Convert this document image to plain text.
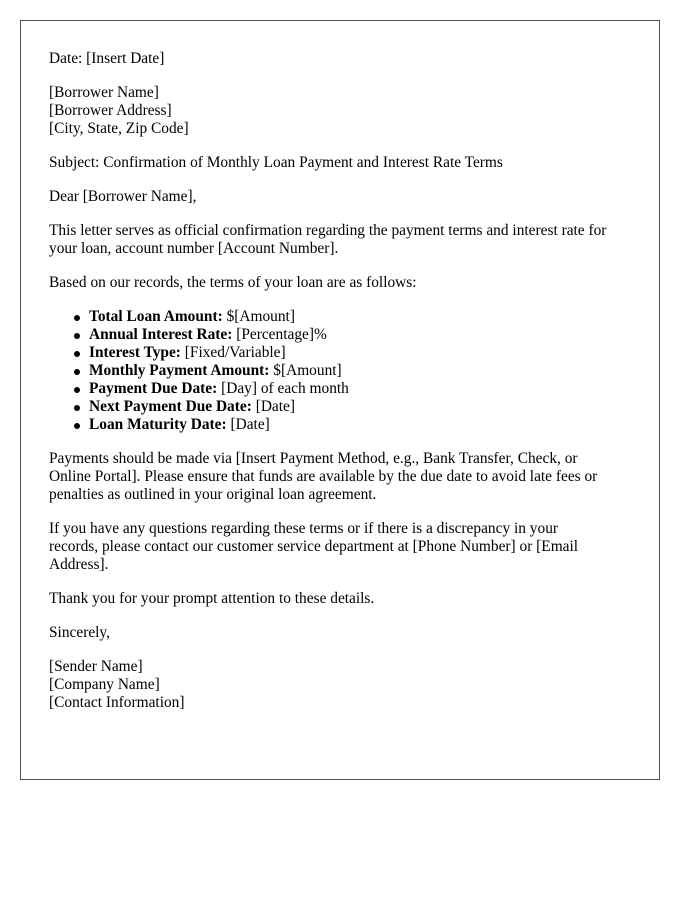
Date: [Insert Date]
[Borrower Name]
[Borrower Address]
[City, State, Zip Code]
Subject: Confirmation of Monthly Loan Payment and Interest Rate Terms
Dear [Borrower Name],
This letter serves as official confirmation regarding the payment terms and interest rate for
your loan, account number [Account Number].
Based on our records, the terms of your loan are as follows:
Total Loan Amount: $[Amount]
Annual Interest Rate: [Percentage]%
Interest Type: [Fixed/Variable]
Monthly Payment Amount: $[Amount]
Payment Due Date: [Day] of each month
Next Payment Due Date: [Date]
Loan Maturity Date: [Date]
Payments should be made via [Insert Payment Method, e.g., Bank Transfer, Check, or
Online Portal]. Please ensure that funds are available by the due date to avoid late fees or
penalties as outlined in your original loan agreement.
If you have any questions regarding these terms or if there is a discrepancy in your
records, please contact our customer service department at [Phone Number] or [Email
Address].
Thank you for your prompt attention to these details.
Sincerely,
[Sender Name]
[Company Name]
[Contact Information]
